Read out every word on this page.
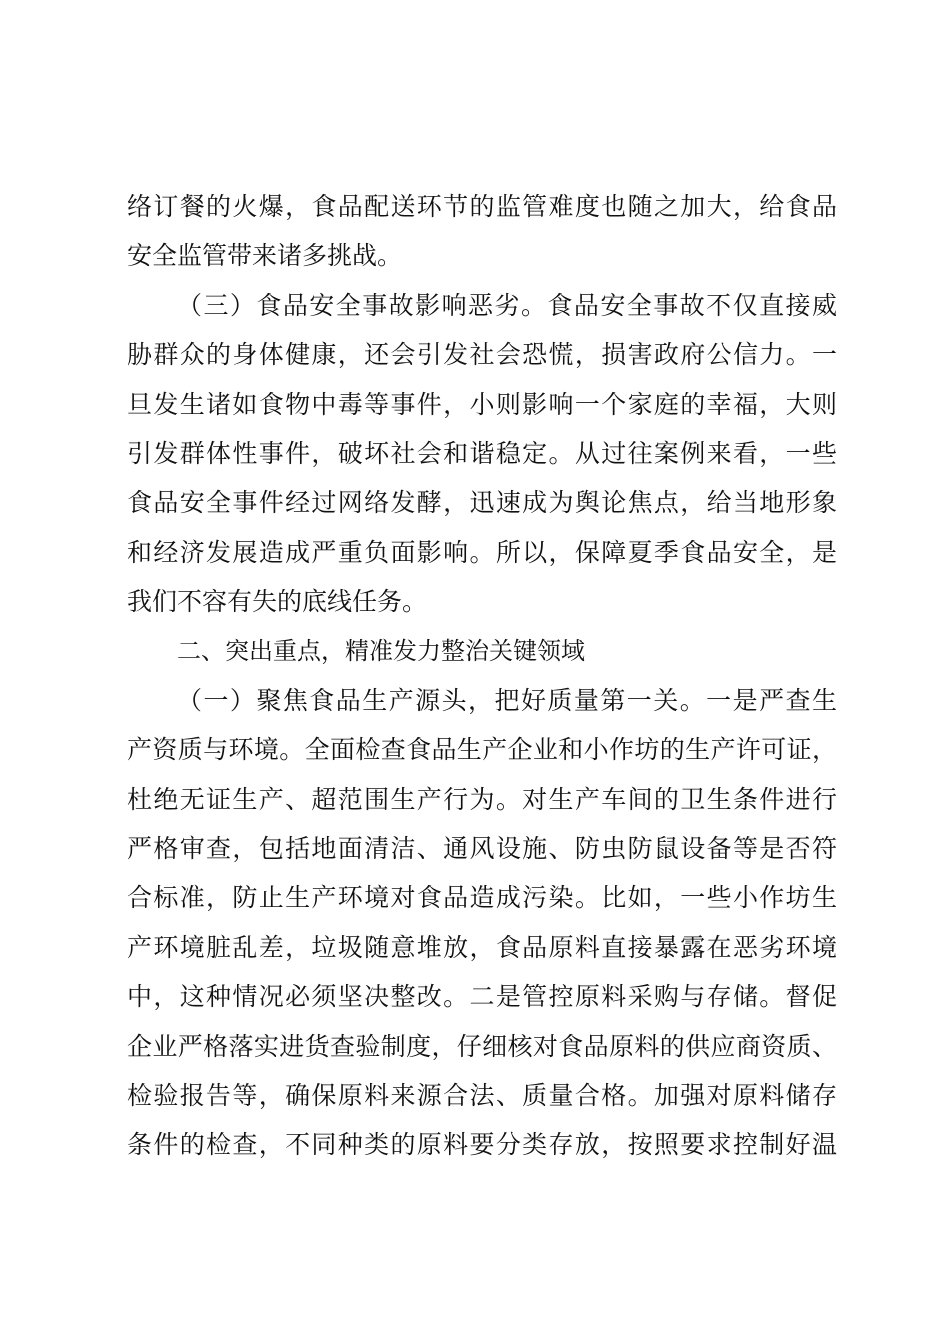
络订餐的火爆，食品配送环节的监管难度也随之加大，给食品
安全监管带来诸多挑战。
（三）食品安全事故影响恶劣。食品安全事故不仅直接威
胁群众的身体健康，还会引发社会恐慌，损害政府公信力。一
旦发生诸如食物中毒等事件，小则影响一个家庭的幸福，大则
引发群体性事件，破坏社会和谐稳定。从过往案例来看，一些
食品安全事件经过网络发酵，迅速成为舆论焦点，给当地形象
和经济发展造成严重负面影响。所以，保障夏季食品安全，是
我们不容有失的底线任务。
二、突出重点，精准发力整治关键领域
（一）聚焦食品生产源头，把好质量第一关。一是严查生
产资质与环境。全面检查食品生产企业和小作坊的生产许可证，
杜绝无证生产、超范围生产行为。对生产车间的卫生条件进行
严格审查，包括地面清洁、通风设施、防虫防鼠设备等是否符
合标准，防止生产环境对食品造成污染。比如，一些小作坊生
产环境脏乱差，垃圾随意堆放，食品原料直接暴露在恶劣环境
中，这种情况必须坚决整改。二是管控原料采购与存储。督促
企业严格落实进货查验制度，仔细核对食品原料的供应商资质、
检验报告等，确保原料来源合法、质量合格。加强对原料储存
条件的检查，不同种类的原料要分类存放，按照要求控制好温
